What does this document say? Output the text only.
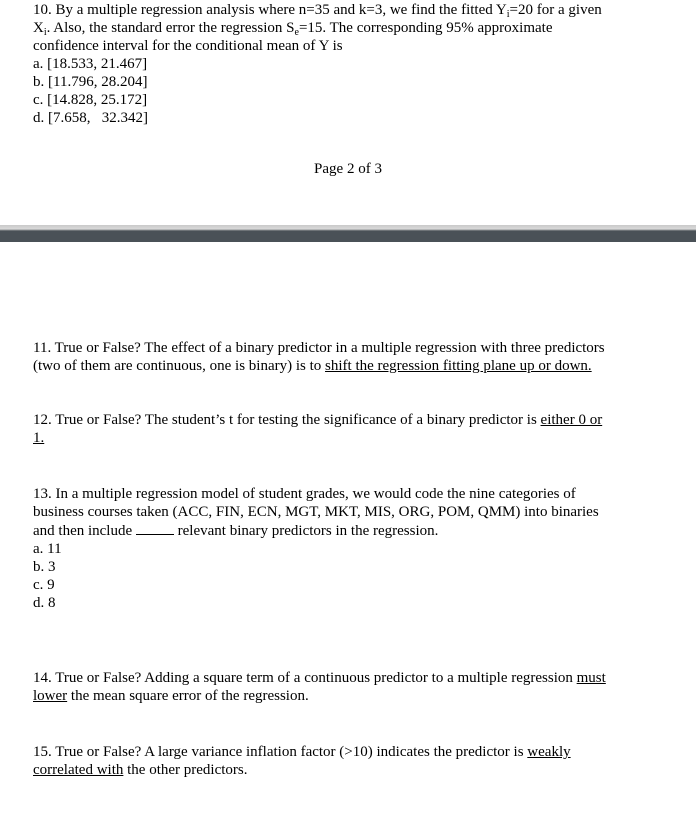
10. By a multiple regression analysis where n=35 and k=3, we find the fitted $Y_i=20$ for a given
$X_i$. Also, the standard error the regression $S_e=15$. The corresponding 95% approximate
confidence interval for the conditional mean of Y is
a. [18.533, 21.467]
b. [11.796, 28.204]
c. [14.828, 25.172]
d. [7.658,   32.342]
Page 2 of 3
11. True or False? The effect of a binary predictor in a multiple regression with three predictors
(two of them are continuous, one is binary) is to shift the regression fitting plane up or down.
12. True or False? The student’s t for testing the significance of a binary predictor is either 0 or
1.
13. In a multiple regression model of student grades, we would code the nine categories of
business courses taken (ACC, FIN, ECN, MGT, MKT, MIS, ORG, POM, QMM) into binaries
and then include	relevant binary predictors in the regression.
a. 11
b. 3
c. 9
d. 8
14. True or False? Adding a square term of a continuous predictor to a multiple regression must
lower the mean square error of the regression.
15. True or False? A large variance inflation factor (>10) indicates the predictor is weakly
correlated with the other predictors.
